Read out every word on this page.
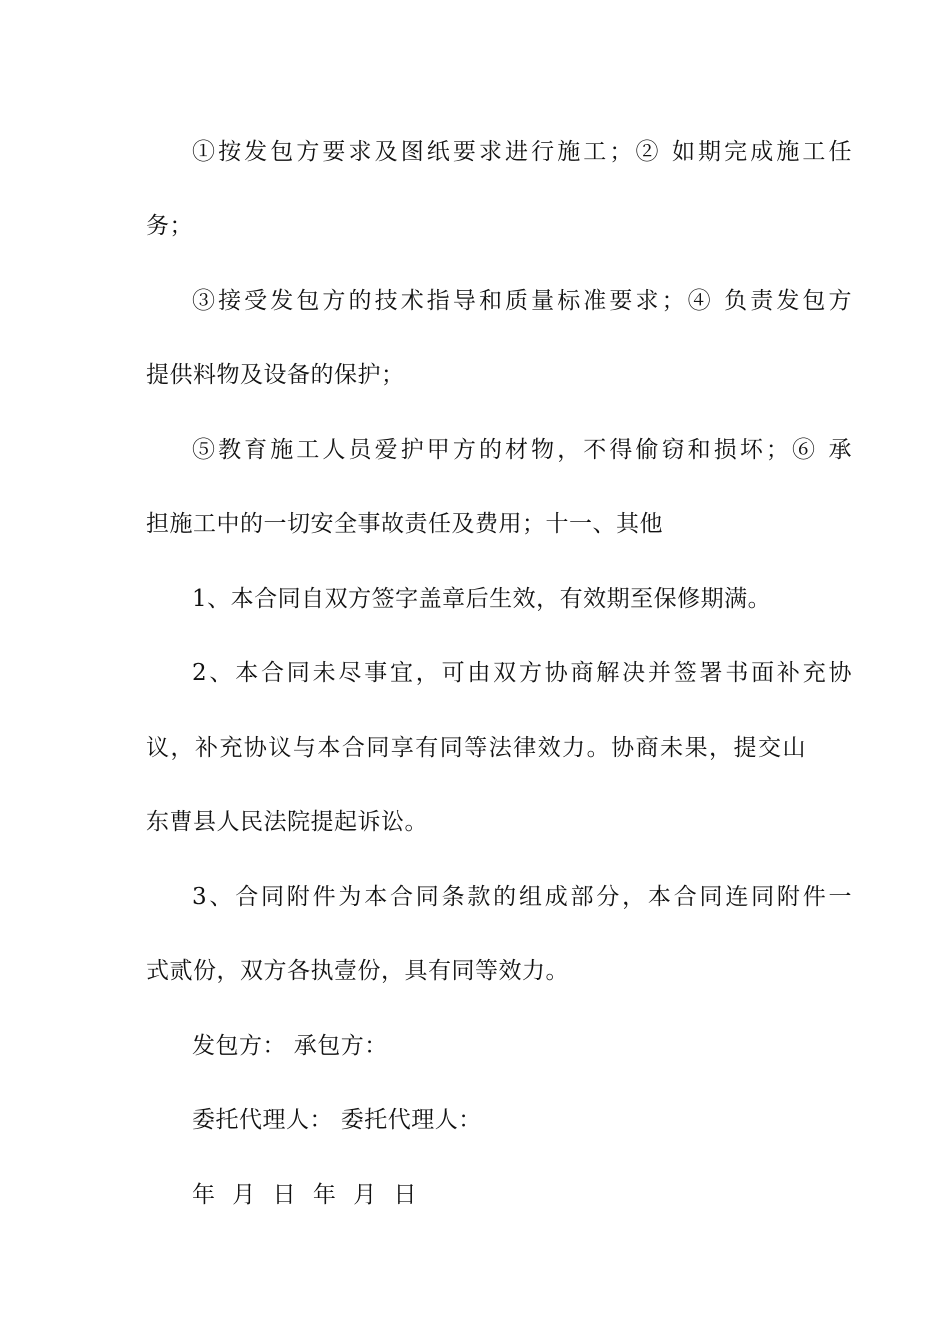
①按发包方要求及图纸要求进行施工；② 如期完成施工任
务；
③接受发包方的技术指导和质量标准要求；④ 负责发包方
提供料物及设备的保护；
⑤教育施工人员爱护甲方的材物，不得偷窃和损坏；⑥ 承
担施工中的一切安全事故责任及费用；十一、其他
1、本合同自双方签字盖章后生效，有效期至保修期满。
2、本合同未尽事宜，可由双方协商解决并签署书面补充协
议，补充协议与本合同享有同等法律效力。协商未果，提交山
东曹县人民法院提起诉讼。
3、合同附件为本合同条款的组成部分，本合同连同附件一
式贰份，双方各执壹份，具有同等效力。
发包方： 承包方：
委托代理人： 委托代理人：
年 月 日 年 月 日
